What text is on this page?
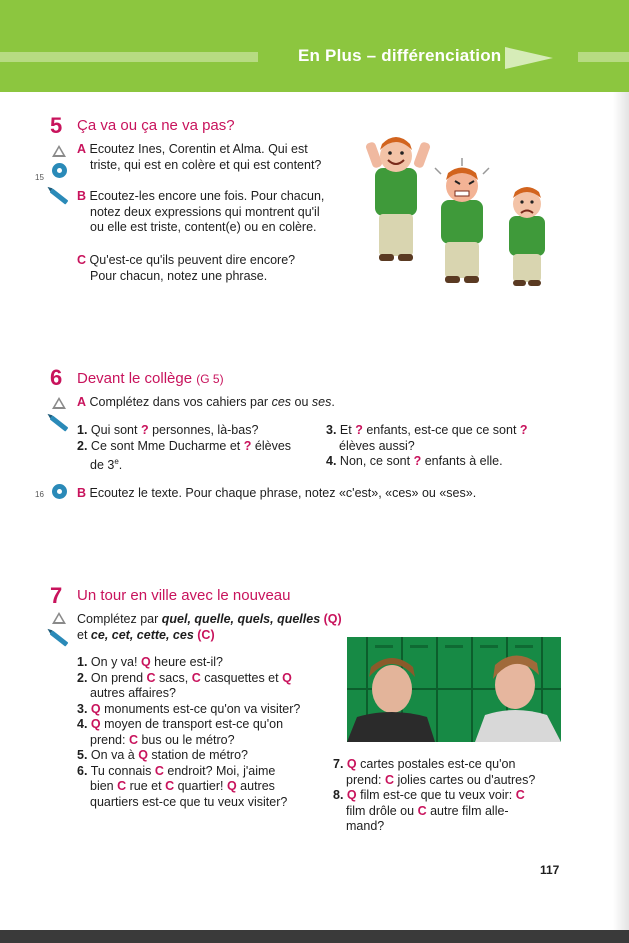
En Plus – différenciation
5 Ça va ou ça ne va pas?
15
A Ecoutez Ines, Corentin et Alma. Qui est
triste, qui est en colère et qui est content?
B Ecoutez-les encore une fois. Pour chacun,
notez deux expressions qui montrent qu'il
ou elle est triste, content(e) ou en colère.
C Qu'est-ce qu'ils peuvent dire encore?
Pour chacun, notez une phrase.
6 Devant le collège (G 5)
A Complétez dans vos cahiers par ces ou ses.
1. Qui sont ? personnes, là-bas?
2. Ce sont Mme Ducharme et ? élèves
de 3e.
3. Et ? enfants, est-ce que ce sont ?
élèves aussi?
4. Non, ce sont ? enfants à elle.
16	B Ecoutez le texte. Pour chaque phrase, notez «c'est», «ces» ou «ses».
7 Un tour en ville avec le nouveau
Complétez par quel, quelle, quels, quelles (Q)
et ce, cet, cette, ces (C)
1. On y va! Q heure est-il?
2. On prend C sacs, C casquettes et Q
autres affaires?
3. Q monuments est-ce qu'on va visiter?
4. Q moyen de transport est-ce qu'on
prend: C bus ou le métro?
5. On va à Q station de métro?
6. Tu connais C endroit? Moi, j'aime
bien C rue et C quartier! Q autres
quartiers est-ce que tu veux visiter?
7. Q cartes postales est-ce qu'on
prend: C jolies cartes ou d'autres?
8. Q film est-ce que tu veux voir: C
film drôle ou C autre film alle-
mand?
117
